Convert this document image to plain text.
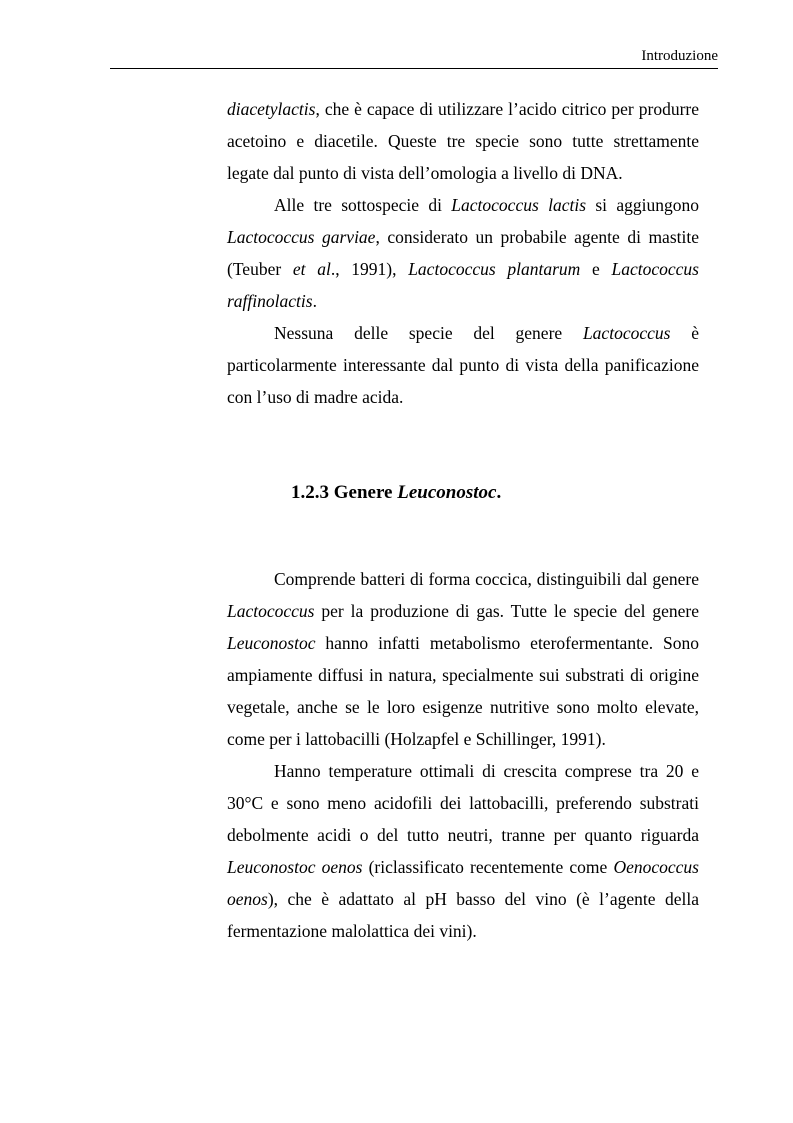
Introduzione

diacetylactis, che è capace di utilizzare l’acido citrico per produrre acetoino e diacetile. Queste tre specie sono tutte strettamente legate dal punto di vista dell’omologia a livello di DNA.

Alle tre sottospecie di Lactococcus lactis si aggiungono Lactococcus garviae, considerato un probabile agente di mastite (Teuber et al., 1991), Lactococcus plantarum e Lactococcus raffinolactis.

Nessuna delle specie del genere Lactococcus è particolarmente interessante dal punto di vista della panificazione con l’uso di madre acida.

1.2.3 Genere Leuconostoc.

Comprende batteri di forma coccica, distinguibili dal genere Lactococcus per la produzione di gas. Tutte le specie del genere Leuconostoc hanno infatti metabolismo eterofermentante. Sono ampiamente diffusi in natura, specialmente sui substrati di origine vegetale, anche se le loro esigenze nutritive sono molto elevate, come per i lattobacilli (Holzapfel e Schillinger, 1991).

Hanno temperature ottimali di crescita comprese tra 20 e 30°C e sono meno acidofili dei lattobacilli, preferendo substrati debolmente acidi o del tutto neutri, tranne per quanto riguarda Leuconostoc oenos (riclassificato recentemente come Oenococcus oenos), che è adattato al pH basso del vino (è l’agente della fermentazione malolattica dei vini).
